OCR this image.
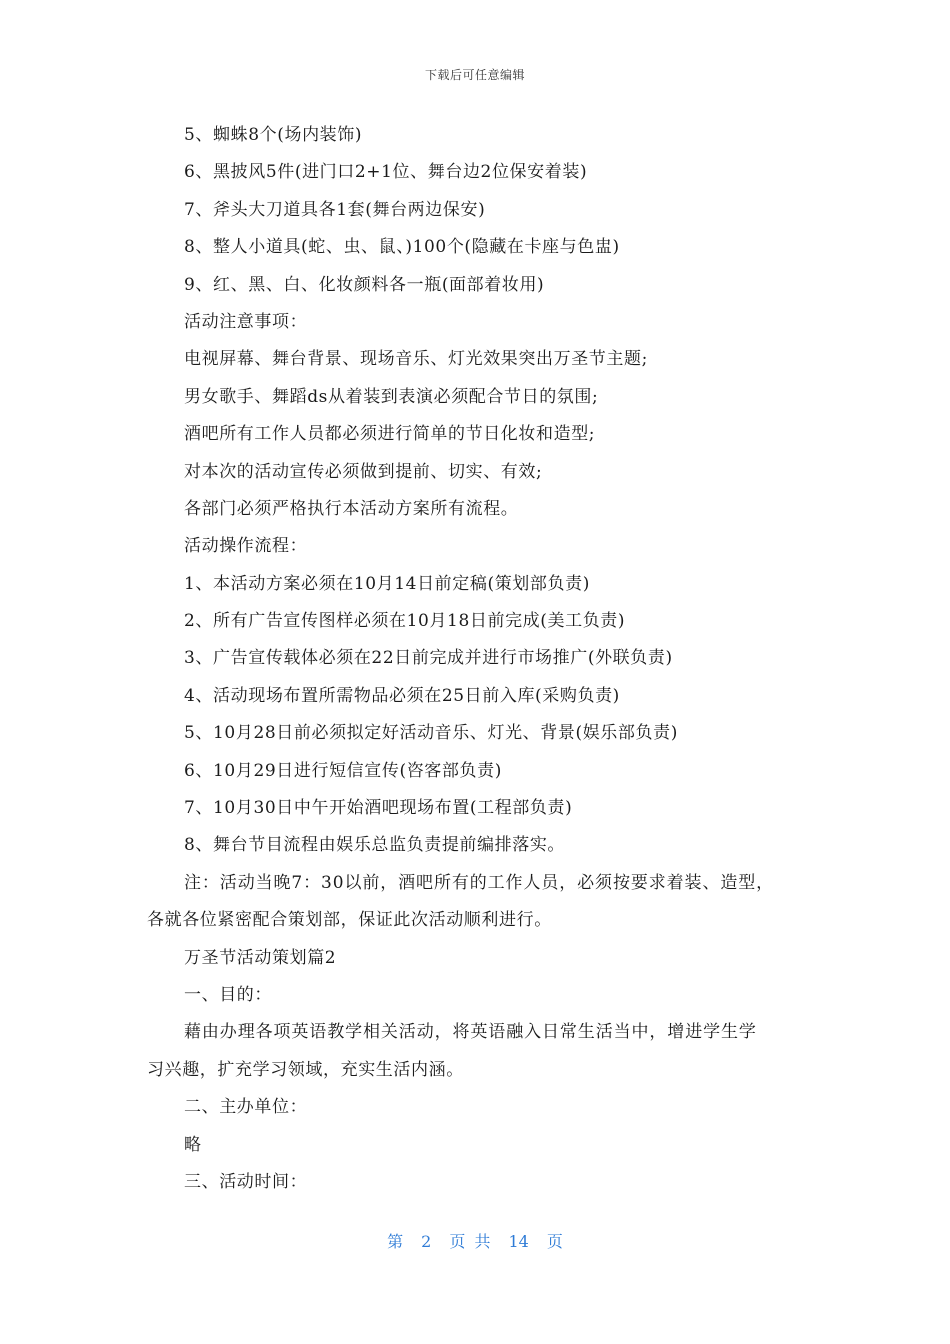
下载后可任意编辑
5、蜘蛛8个(场内装饰)
6、黑披风5件(进门口2+1位、舞台边2位保安着装)
7、斧头大刀道具各1套(舞台两边保安)
8、整人小道具(蛇、虫、鼠、)100个(隐藏在卡座与色盅)
9、红、黑、白、化妆颜料各一瓶(面部着妆用)
活动注意事项：
电视屏幕、舞台背景、现场音乐、灯光效果突出万圣节主题;
男女歌手、舞蹈ds从着装到表演必须配合节日的氛围;
酒吧所有工作人员都必须进行简单的节日化妆和造型;
对本次的活动宣传必须做到提前、切实、有效;
各部门必须严格执行本活动方案所有流程。
活动操作流程：
1、本活动方案必须在10月14日前定稿(策划部负责)
2、所有广告宣传图样必须在10月18日前完成(美工负责)
3、广告宣传载体必须在22日前完成并进行市场推广(外联负责)
4、活动现场布置所需物品必须在25日前入库(采购负责)
5、10月28日前必须拟定好活动音乐、灯光、背景(娱乐部负责)
6、10月29日进行短信宣传(咨客部负责)
7、10月30日中午开始酒吧现场布置(工程部负责)
8、舞台节目流程由娱乐总监负责提前编排落实。
注：活动当晚7：30以前，酒吧所有的工作人员，必须按要求着装、造型，
各就各位紧密配合策划部，保证此次活动顺利进行。
万圣节活动策划篇2
一、目的：
藉由办理各项英语教学相关活动，将英语融入日常生活当中，增进学生学
习兴趣，扩充学习领域，充实生活内涵。
二、主办单位：
略
三、活动时间：
第 2 页 共 14 页
